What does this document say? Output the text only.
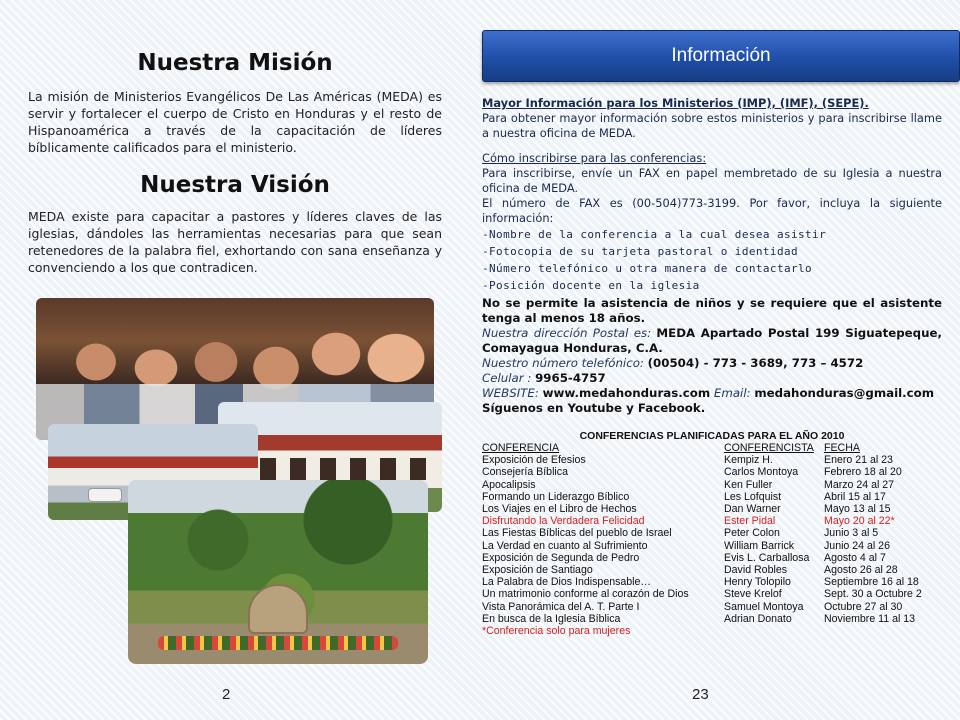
Nuestra Misión

La misión de Ministerios Evangélicos De Las Américas (MEDA) es servir y fortalecer el cuerpo de Cristo en Honduras y el resto de Hispanoamérica a través de la capacitación de líderes bíblicamente calificados para el ministerio.

Nuestra Visión

MEDA existe para capacitar a pastores y líderes claves de las iglesias, dándoles las herramientas necesarias para que sean retenedores de la palabra fiel, exhortando con sana enseñanza y convenciendo a los que contradicen.

2
Información

Mayor Información para los Ministerios (IMP), (IMF), (SEPE).

Para obtener mayor información sobre estos ministerios y para inscribirse llame a nuestra oficina de MEDA.

Cómo inscribirse para las conferencias:

Para inscribirse, envíe un FAX en papel membretado de su Iglesia a nuestra oficina de MEDA.

El número de FAX es (00-504)773-3199. Por favor, incluya la siguiente información:

-Nombre de la conferencia a la cual desea asistir
-Fotocopia de su tarjeta pastoral o identidad
-Número telefónico u otra manera de contactarlo
-Posición docente en la iglesia

No se permite la asistencia de niños y se requiere que el asistente tenga al menos 18 años.

Nuestra dirección Postal es: MEDA Apartado Postal 199 Siguatepeque, Comayagua Honduras, C.A.

Nuestro número telefónico: (00504) - 773 - 3689, 773 – 4572

Celular : 9965-4757

WEBSITE: www.medahonduras.com Email: medahonduras@gmail.com

Síguenos en Youtube y Facebook.

CONFERENCIAS PLANIFICADAS PARA EL AÑO 2010
CONFERENCIA	CONFERENCISTA FECHA
Exposición de Efesios	Kempiz H.	Enero 21 al 23
Consejería Bíblica	Carlos Montoya	Febrero 18 al 20
Apocalipsis	Ken Fuller	Marzo 24 al 27
Formando un Liderazgo Bíblico	Les Lofquist	Abril 15 al 17
Los Viajes en el Libro de Hechos	Dan Warner	Mayo 13 al 15
Disfrutando la Verdadera Felicidad	Ester Pidal	Mayo 20 al 22*
Las Fiestas Bíblicas del pueblo de Israel	Peter Colon	Junio 3 al 5
La Verdad en cuanto al Sufrimiento	William Barrick	Junio 24 al 26
Exposición de Segunda de Pedro	Evis L. Carballosa	Agosto 4 al 7
Exposición de Santiago	David Robles	Agosto 26 al 28
La Palabra de Dios Indispensable…	Henry Tolopilo	Septiembre 16 al 18
Un matrimonio conforme al corazón de Dios	Steve Krelof	Sept. 30 a Octubre 2
Vista Panorámica del A. T. Parte I	Samuel Montoya	Octubre 27 al 30
En busca de la Iglesia Bíblica	Adrian Donato	Noviembre 11 al 13
*Conferencia solo para mujeres
23
